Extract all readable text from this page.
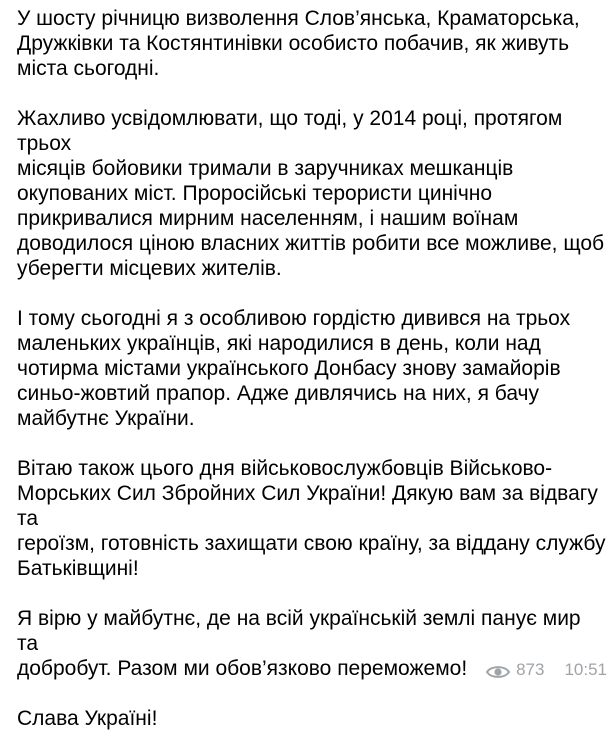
У шосту річницю визволення Слов’янська, Краматорська,
Дружківки та Костянтинівки особисто побачив, як живуть
міста сьогодні.

Жахливо усвідомлювати, що тоді, у 2014 році, протягом трьох
місяців бойовики тримали в заручниках мешканців
окупованих міст. Проросійські терористи цинічно
прикривалися мирним населенням, і нашим воїнам
доводилося ціною власних життів робити все можливе, щоб
уберегти місцевих жителів.

І тому сьогодні я з особливою гордістю дивився на трьох
маленьких українців, які народилися в день, коли над
чотирма містами українського Донбасу знову замайорів
синьо-жовтий прапор. Адже дивлячись на них, я бачу
майбутнє України.

Вітаю також цього дня військовослужбовців Військово-
Морських Сил Збройних Сил України! Дякую вам за відвагу та
героїзм, готовність захищати свою країну, за віддану службу
Батьківщині!

Я вірю у майбутнє, де на всій українській землі панує мир та
добробут. Разом ми обов’язково переможемо!

Слава Україні!

873 10:51
